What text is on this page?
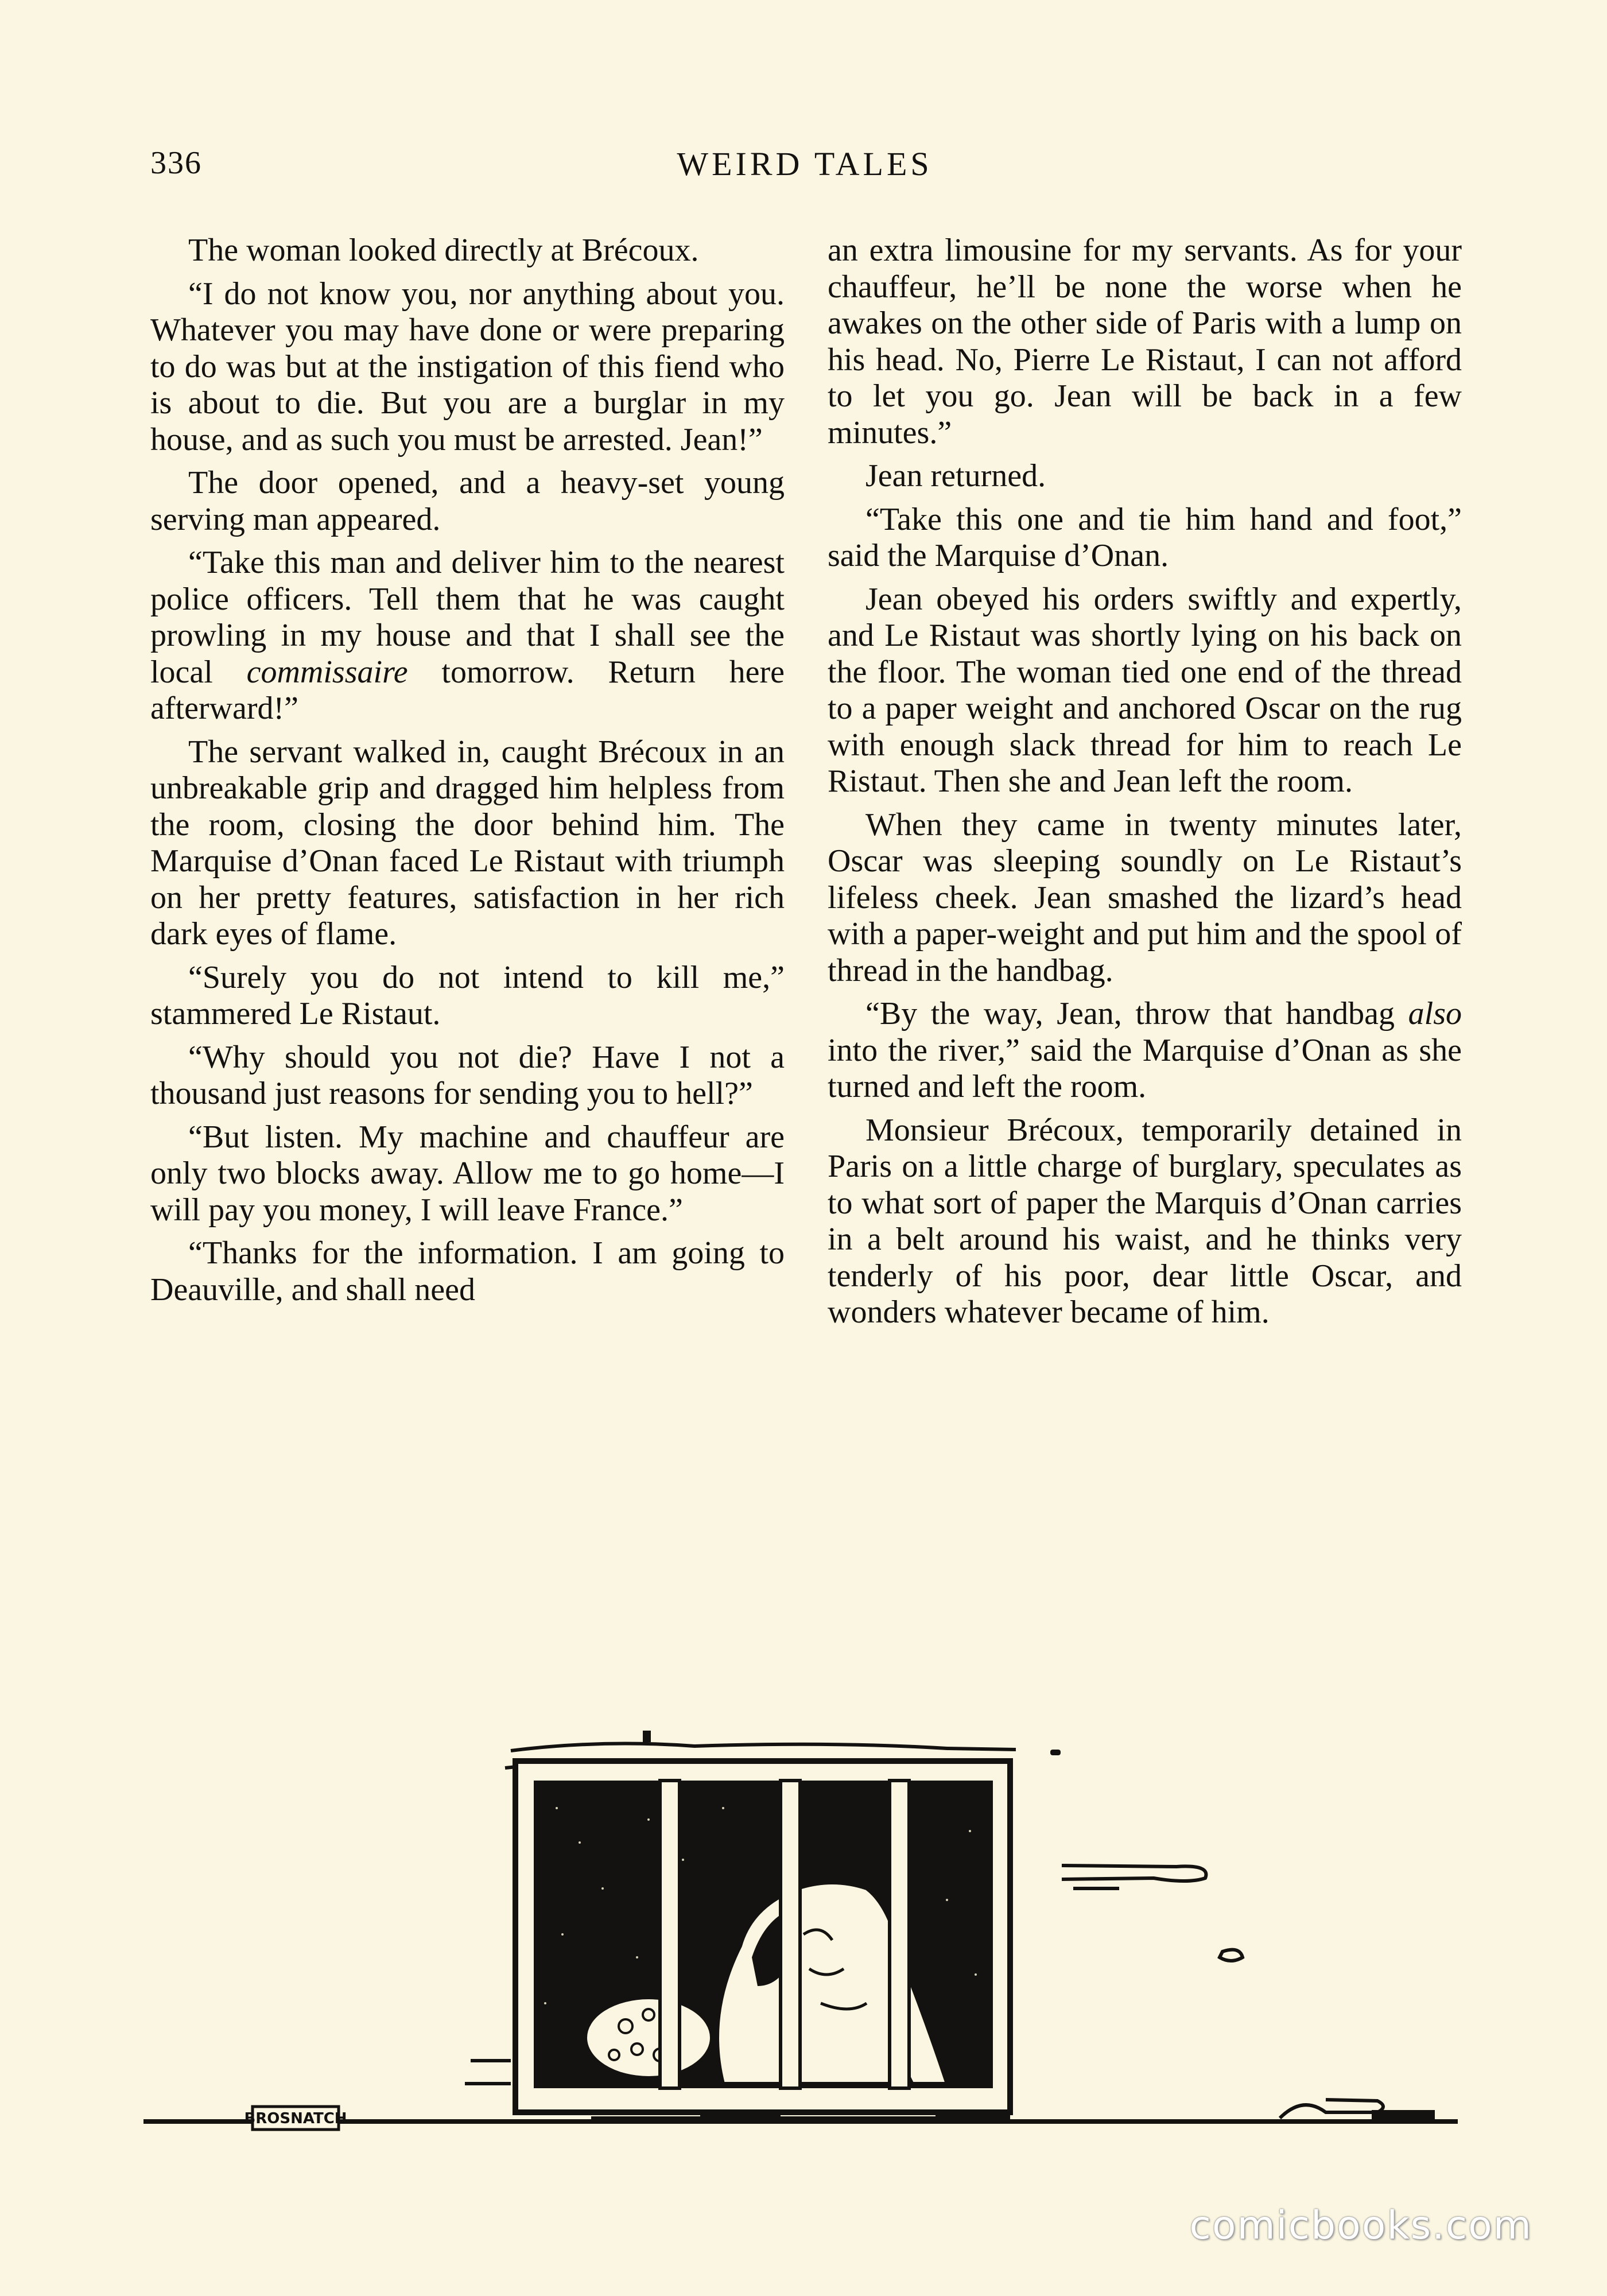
336	WEIRD TALES

The woman looked directly at Brécoux.

“I do not know you, nor anything about you. Whatever you may have done or were preparing to do was but at the instigation of this fiend who is about to die. But you are a burglar in my house, and as such you must be arrested. Jean!”

The door opened, and a heavy-set young serving man appeared.

“Take this man and deliver him to the nearest police officers. Tell them that he was caught prowling in my house and that I shall see the local commissaire tomorrow. Return here afterward!”

The servant walked in, caught Brécoux in an unbreakable grip and dragged him helpless from the room, closing the door behind him. The Marquise d’Onan faced Le Ristaut with triumph on her pretty features, satisfaction in her rich dark eyes of flame.

“Surely you do not intend to kill me,” stammered Le Ristaut.

“Why should you not die? Have I not a thousand just reasons for sending you to hell?”

“But listen. My machine and chauffeur are only two blocks away. Allow me to go home—I will pay you money, I will leave France.”

“Thanks for the information. I am going to Deauville, and shall need

an extra limousine for my servants. As for your chauffeur, he’ll be none the worse when he awakes on the other side of Paris with a lump on his head. No, Pierre Le Ristaut, I can not afford to let you go. Jean will be back in a few minutes.”

Jean returned.

“Take this one and tie him hand and foot,” said the Marquise d’Onan.

Jean obeyed his orders swiftly and expertly, and Le Ristaut was shortly lying on his back on the floor. The woman tied one end of the thread to a paper weight and anchored Oscar on the rug with enough slack thread for him to reach Le Ristaut. Then she and Jean left the room.

When they came in twenty minutes later, Oscar was sleeping soundly on Le Ristaut’s lifeless cheek. Jean smashed the lizard’s head with a paper-weight and put him and the spool of thread in the handbag.

“By the way, Jean, throw that handbag also into the river,” said the Marquise d’Onan as she turned and left the room.

Monsieur Brécoux, temporarily detained in Paris on a little charge of burglary, speculates as to what sort of paper the Marquis d’Onan carries in a belt around his waist, and he thinks very tenderly of his poor, dear little Oscar, and wonders whatever became of him.

BROSNATCH
comicbooks.com
